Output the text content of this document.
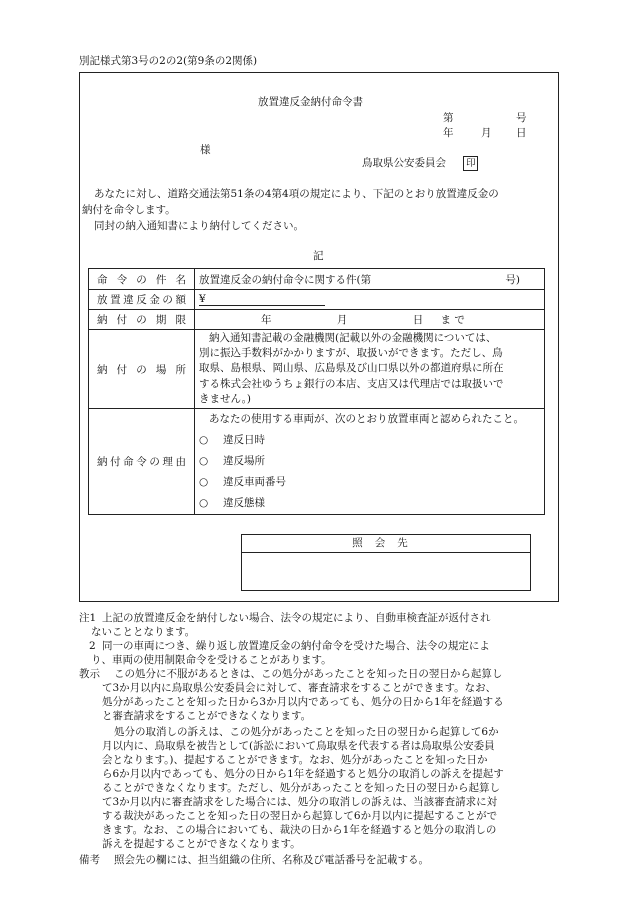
別記様式第3号の2の2(第9条の2関係)
放置違反金納付命令書
第	号
年	月 日
様
鳥取県公安委員会 印
あなたに対し、道路交通法第51条の4第4項の規定により、下記のとおり放置違反金の
納付を命令します。
同封の納入通知書により納付してください。
記
命令の件名	放置違反金の納付命令に関する件(第 号)

放置違反金の額	¥
納付の期限	年 月 日 ま で
納付の場所	納入通知書記載の金融機関(記載以外の金融機関については、
別に振込手数料がかかりますが、取扱いができます。ただし、鳥
取県、島根県、岡山県、広島県及び山口県以外の都道府県に所在
する株式会社ゆうちょ銀行の本店、支店又は代理店では取扱いで
きません。)

納付命令の理由	あなたの使用する車両が、次のとおり放置車両と認められたこと。
○ 違反日時
○ 違反場所
○ 違反車両番号
○ 違反態様
照会先
注1 上記の放置違反金を納付しない場合、法令の規定により、自動車検査証が返付され
ないこととなります。
2 同一の車両につき、繰り返し放置違反金の納付命令を受けた場合、法令の規定によ
り、車両の使用制限命令を受けることがあります。
教示 この処分に不服があるときは、この処分があったことを知った日の翌日から起算し
て3か月以内に鳥取県公安委員会に対して、審査請求をすることができます。なお、
処分があったことを知った日から3か月以内であっても、処分の日から1年を経過する
と審査請求をすることができなくなります。
処分の取消しの訴えは、この処分があったことを知った日の翌日から起算して6か
月以内に、鳥取県を被告として(訴訟において鳥取県を代表する者は鳥取県公安委員
会となります。)、提起することができます。なお、処分があったことを知った日か
ら6か月以内であっても、処分の日から1年を経過すると処分の取消しの訴えを提起す
ることができなくなります。ただし、処分があったことを知った日の翌日から起算し
て3か月以内に審査請求をした場合には、処分の取消しの訴えは、当該審査請求に対
する裁決があったことを知った日の翌日から起算して6か月以内に提起することがで
きます。なお、この場合においても、裁決の日から1年を経過すると処分の取消しの
訴えを提起することができなくなります。
備考 照会先の欄には、担当組織の住所、名称及び電話番号を記載する。
